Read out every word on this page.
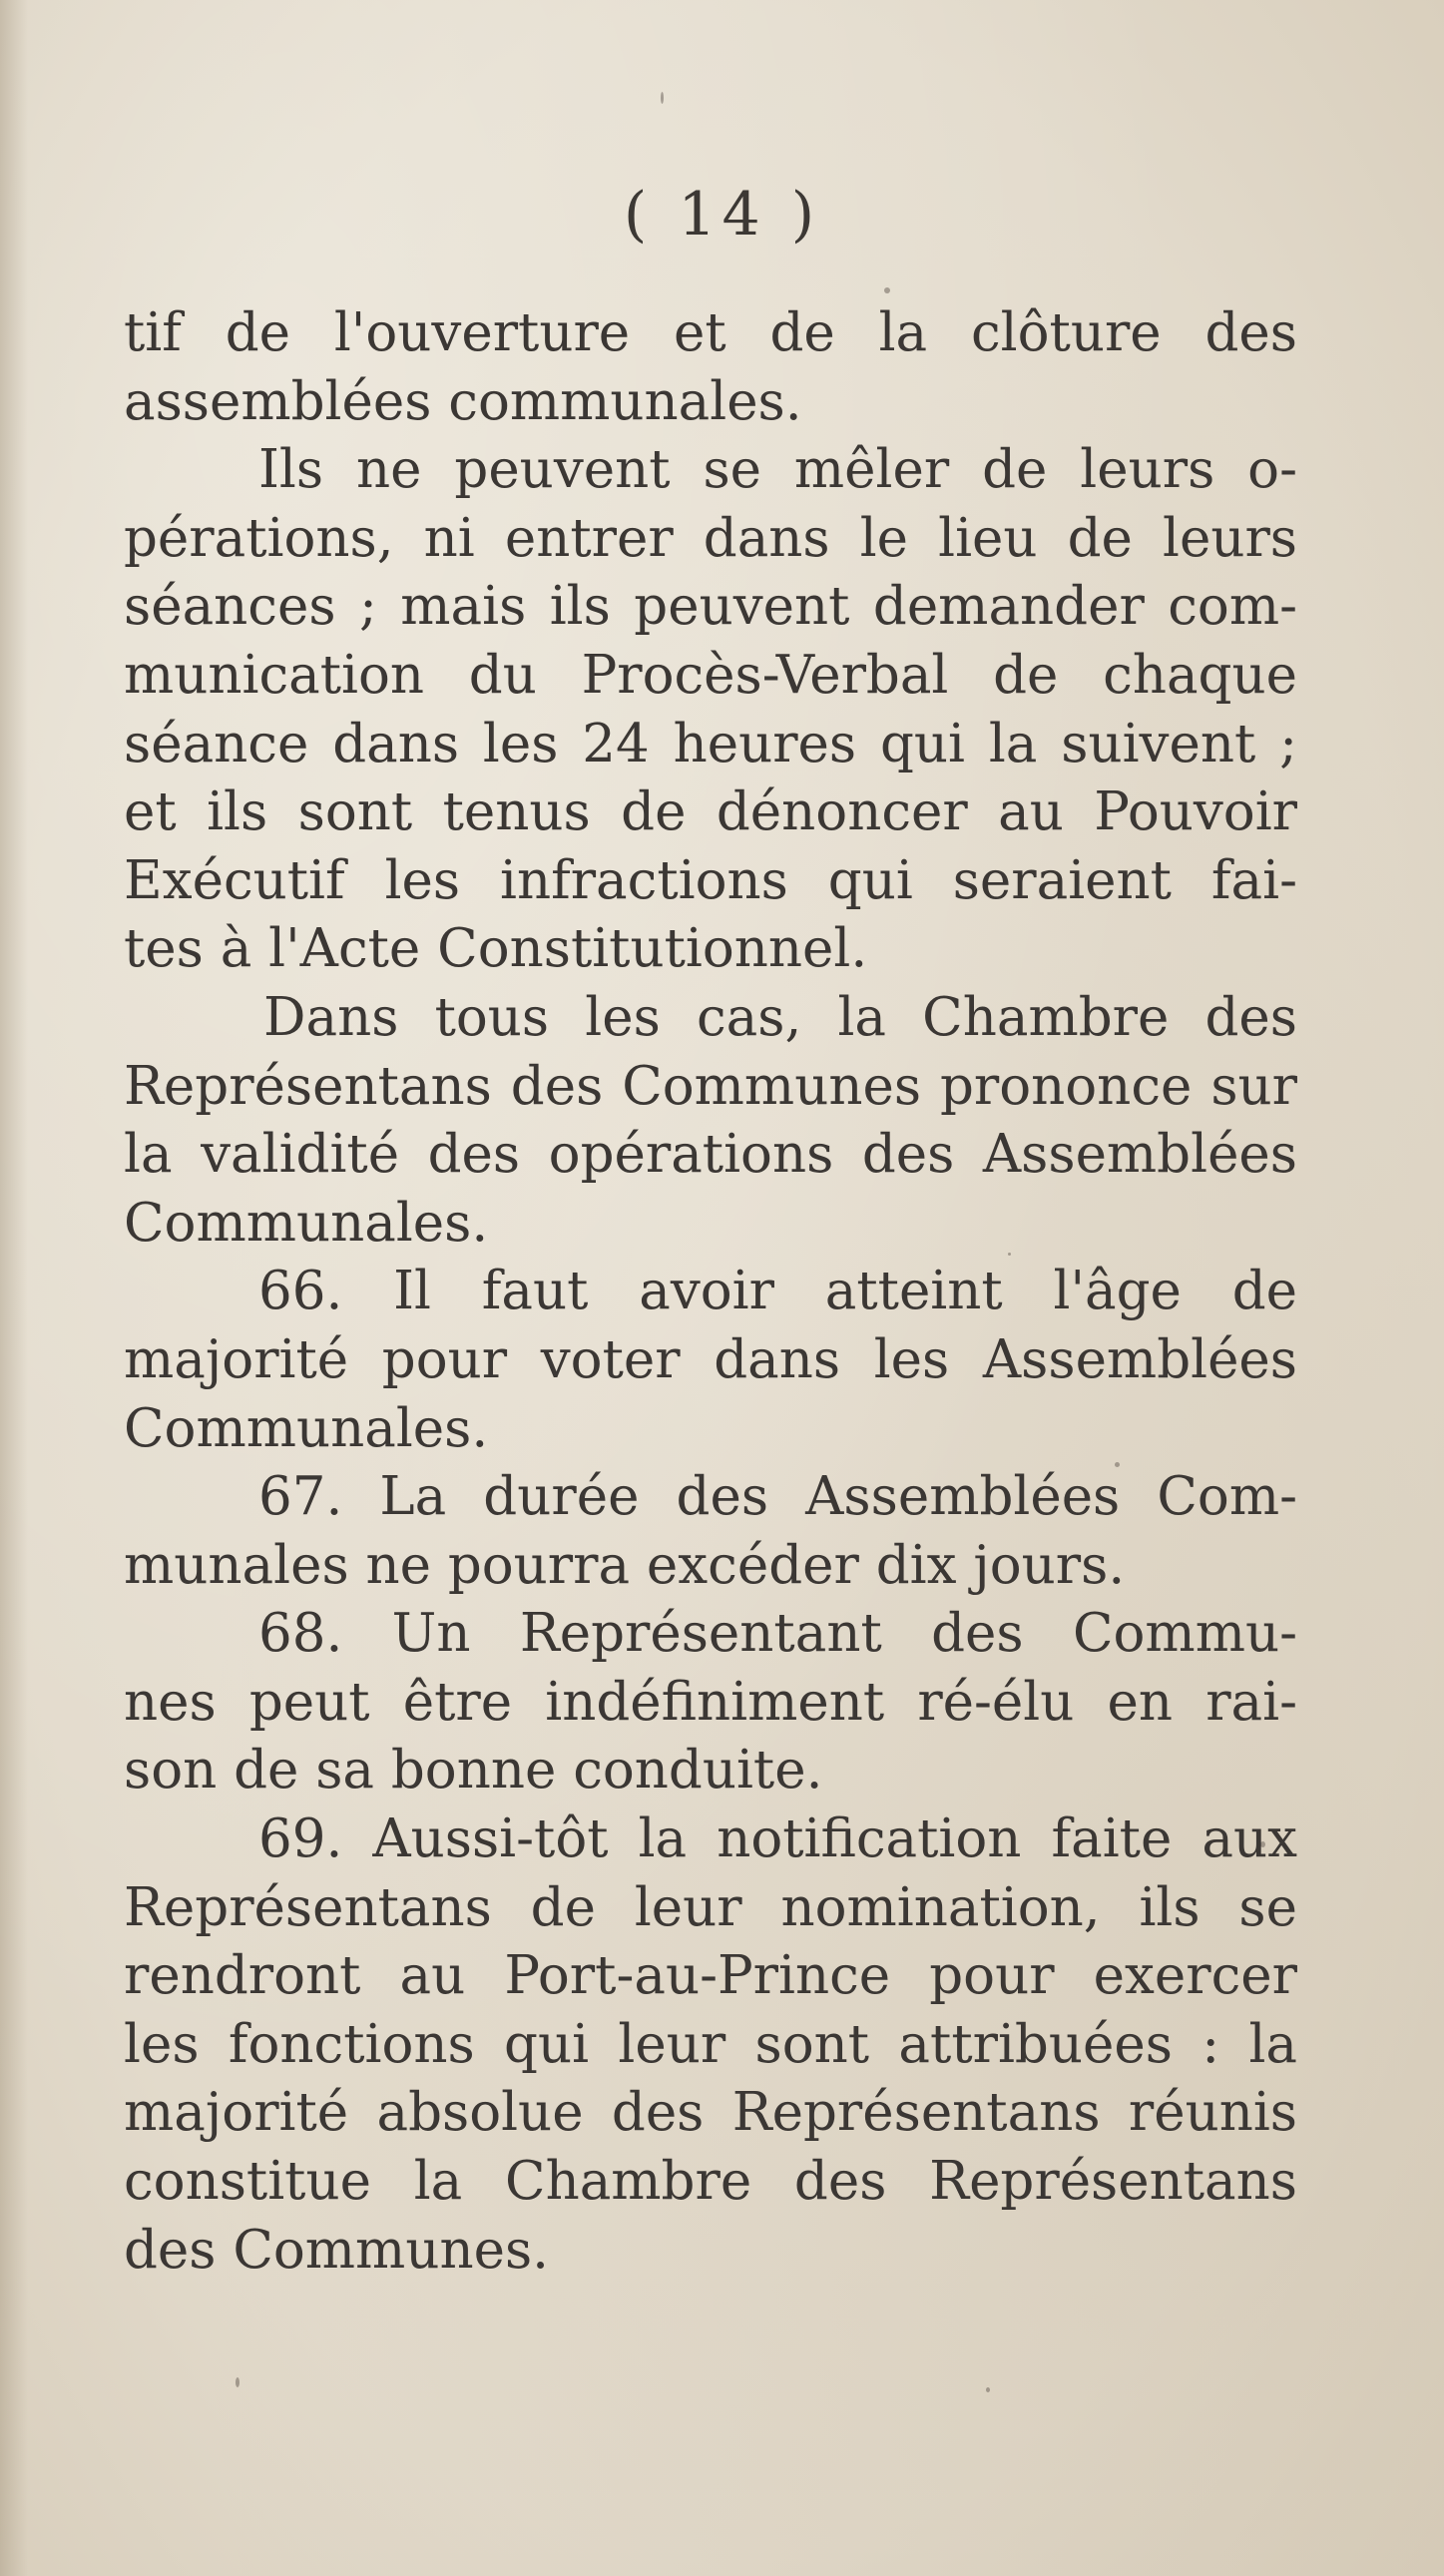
( 14 )
tif de l'ouverture et de la clôture des
assemblées communales.
Ils ne peuvent se mêler de leurs o-
pérations, ni entrer dans le lieu de leurs
séances ; mais ils peuvent demander com-
munication du Procès-Verbal de chaque
séance dans les 24 heures qui la suivent ;
et ils sont tenus de dénoncer au Pouvoir
Exécutif les infractions qui seraient fai-
tes à l'Acte Constitutionnel.
Dans tous les cas, la Chambre des
Représentans des Communes prononce sur
la validité des opérations des Assemblées
Communales.
66. Il faut avoir atteint l'âge de
majorité pour voter dans les Assemblées
Communales.
67. La durée des Assemblées Com-
munales ne pourra excéder dix jours.
68. Un Représentant des Commu-
nes peut être indéfiniment ré-élu en rai-
son de sa bonne conduite.
69. Aussi-tôt la notification faite aux
Représentans de leur nomination, ils se
rendront au Port-au-Prince pour exercer
les fonctions qui leur sont attribuées : la
majorité absolue des Représentans réunis
constitue la Chambre des Représentans
des Communes.
